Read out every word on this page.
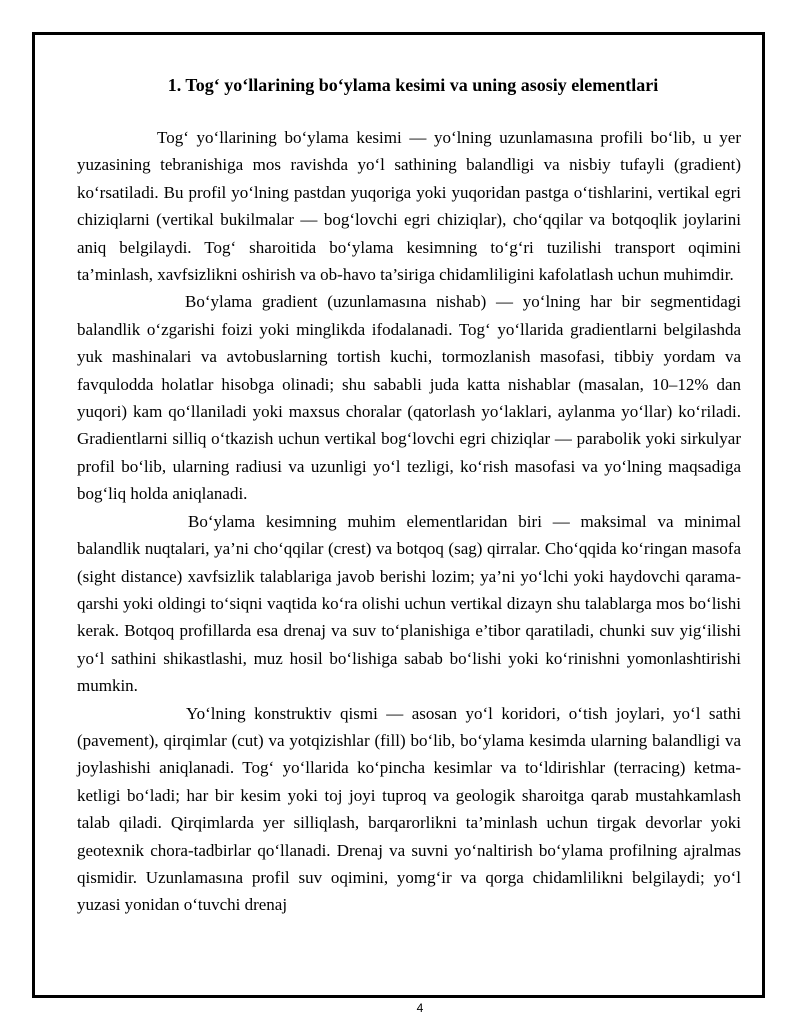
4
1. Tog‘ yo‘llarining bo‘ylama kesimi va uning asosiy elementlari

Tog‘ yo‘llarining bo‘ylama kesimi — yo‘lning uzunlamasına profili bo‘lib, u yer yuzasining tebranishiga mos ravishda yo‘l sathining balandligi va nisbiy tufayli (gradient) ko‘rsatiladi. Bu profil yo‘lning pastdan yuqoriga yoki yuqoridan pastga o‘tishlarini, vertikal egri chiziqlarni (vertikal bukilmalar — bog‘lovchi egri chiziqlar), cho‘qqilar va botqoqlik joylarini aniq belgilaydi. Tog‘ sharoitida bo‘ylama kesimning to‘g‘ri tuzilishi transport oqimini ta’minlash, xavfsizlikni oshirish va ob-havo ta’siriga chidamliligini kafolatlash uchun muhimdir.

Bo‘ylama gradient (uzunlamasına nishab) — yo‘lning har bir segmentidagi balandlik o‘zgarishi foizi yoki minglikda ifodalanadi. Tog‘ yo‘llarida gradientlarni belgilashda yuk mashinalari va avtobuslarning tortish kuchi, tormozlanish masofasi, tibbiy yordam va favqulodda holatlar hisobga olinadi; shu sababli juda katta nishablar (masalan, 10–12% dan yuqori) kam qo‘llaniladi yoki maxsus choralar (qatorlash yo‘laklari, aylanma yo‘llar) ko‘riladi. Gradientlarni silliq o‘tkazish uchun vertikal bog‘lovchi egri chiziqlar — parabolik yoki sirkulyar profil bo‘lib, ularning radiusi va uzunligi yo‘l tezligi, ko‘rish masofasi va yo‘lning maqsadiga bog‘liq holda aniqlanadi.

Bo‘ylama kesimning muhim elementlaridan biri — maksimal va minimal balandlik nuqtalari, ya’ni cho‘qqilar (crest) va botqoq (sag) qirralar. Cho‘qqida ko‘ringan masofa (sight distance) xavfsizlik talablariga javob berishi lozim; ya’ni yo‘lchi yoki haydovchi qarama-qarshi yoki oldingi to‘siqni vaqtida ko‘ra olishi uchun vertikal dizayn shu talablarga mos bo‘lishi kerak. Botqoq profillarda esa drenaj va suv to‘planishiga e’tibor qaratiladi, chunki suv yig‘ilishi yo‘l sathini shikastlashi, muz hosil bo‘lishiga sabab bo‘lishi yoki ko‘rinishni yomonlashtirishi mumkin.

Yo‘lning konstruktiv qismi — asosan yo‘l koridori, o‘tish joylari, yo‘l sathi (pavement), qirqimlar (cut) va yotqizishlar (fill) bo‘lib, bo‘ylama kesimda ularning balandligi va joylashishi aniqlanadi. Tog‘ yo‘llarida ko‘pincha kesimlar va to‘ldirishlar (terracing) ketma-ketligi bo‘ladi; har bir kesim yoki toj joyi tuproq va geologik sharoitga qarab mustahkamlash talab qiladi. Qirqimlarda yer silliqlash, barqarorlikni ta’minlash uchun tirgak devorlar yoki geotexnik chora-tadbirlar qo‘llanadi. Drenaj va suvni yo‘naltirish bo‘ylama profilning ajralmas qismidir. Uzunlamasına profil suv oqimini, yomg‘ir va qorga chidamlilikni belgilaydi; yo‘l yuzasi yonidan o‘tuvchi drenaj
